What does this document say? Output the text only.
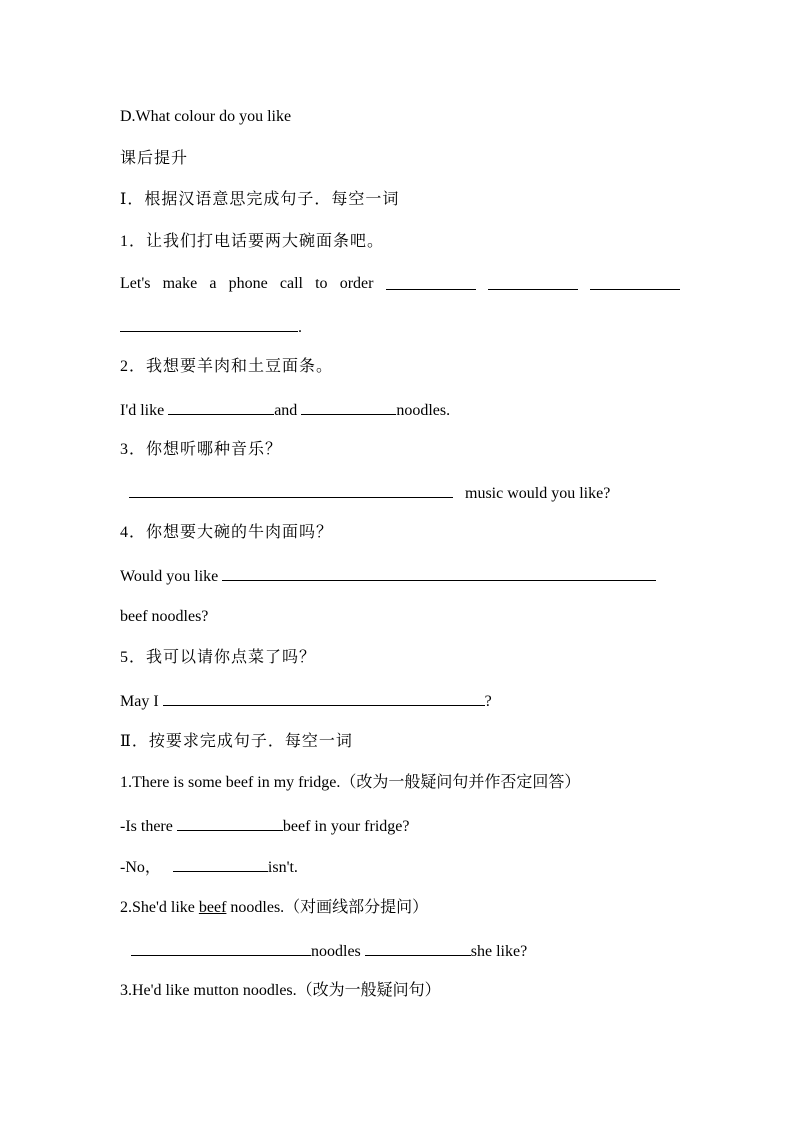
D.What colour do you like
课后提升
Ⅰ．根据汉语意思完成句子．每空一词
1．让我们打电话要两大碗面条吧。
Let's make a phone call to order
.
2．我想要羊肉和土豆面条。
I'd like	and	noodles.
3．你想听哪种音乐？
music would you like?
4．你想要大碗的牛肉面吗？
Would you like
beef noodles?
5．我可以请你点菜了吗？
May I	?
Ⅱ．按要求完成句子．每空一词
1.There is some beef in my fridge.（改为一般疑问句并作否定回答）
-Is there	beef in your fridge?
-No，	isn't.
2.She'd like beef noodles.（对画线部分提问）
noodles	she like?
3.He'd like mutton noodles.（改为一般疑问句）
